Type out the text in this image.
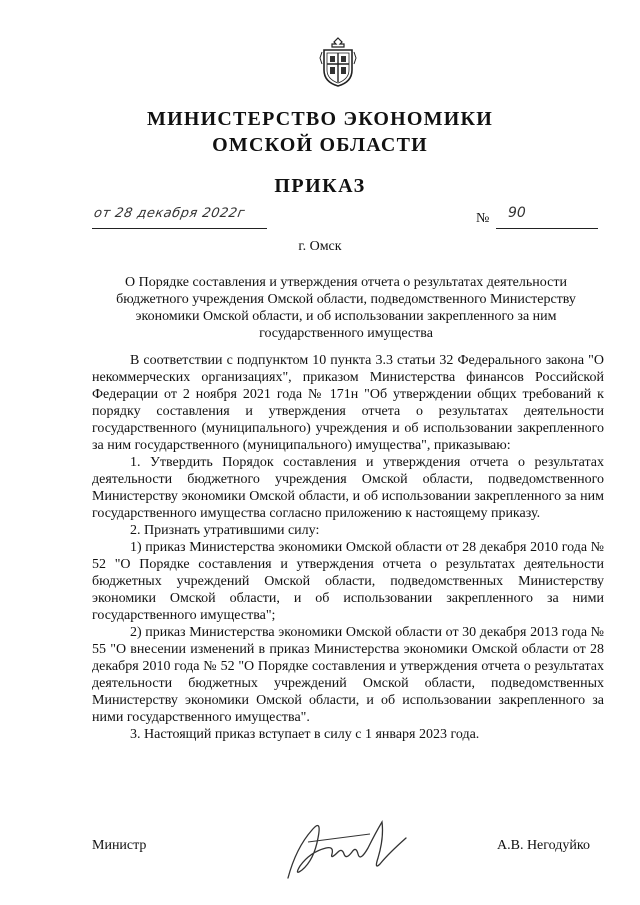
МИНИСТЕРСТВО ЭКОНОМИКИ
ОМСКОЙ ОБЛАСТИ
ПРИКАЗ
от 28 декабря 2022г	№ 90
г. Омск
О Порядке составления и утверждения отчета о результатах деятельности бюджетного учреждения Омской области, подведомственного Министерству экономики Омской области, и об использовании закрепленного за ним государственного имущества

В соответствии с подпунктом 10 пункта 3.3 статьи 32 Федерального закона "О некоммерческих организациях", приказом Министерства финансов Российской Федерации от 2 ноября 2021 года № 171н "Об утверждении общих требований к порядку составления и утверждения отчета о результатах деятельности государственного (муниципального) учреждения и об использовании закрепленного за ним государственного (муниципального) имущества", приказываю:

1. Утвердить Порядок составления и утверждения отчета о результатах деятельности бюджетного учреждения Омской области, подведомственного Министерству экономики Омской области, и об использовании закрепленного за ним государственного имущества согласно приложению к настоящему приказу.

2. Признать утратившими силу:

1) приказ Министерства экономики Омской области от 28 декабря 2010 года № 52 "О Порядке составления и утверждения отчета о результатах деятельности бюджетных учреждений Омской области, подведомственных Министерству экономики Омской области, и об использовании закрепленного за ними государственного имущества";

2) приказ Министерства экономики Омской области от 30 декабря 2013 года № 55 "О внесении изменений в приказ Министерства экономики Омской области от 28 декабря 2010 года № 52 "О Порядке составления и утверждения отчета о результатах деятельности бюджетных учреждений Омской области, подведомственных Министерству экономики Омской области, и об использовании закрепленного за ними государственного имущества".

3. Настоящий приказ вступает в силу с 1 января 2023 года.

Министр	А.В. Негодуйко
